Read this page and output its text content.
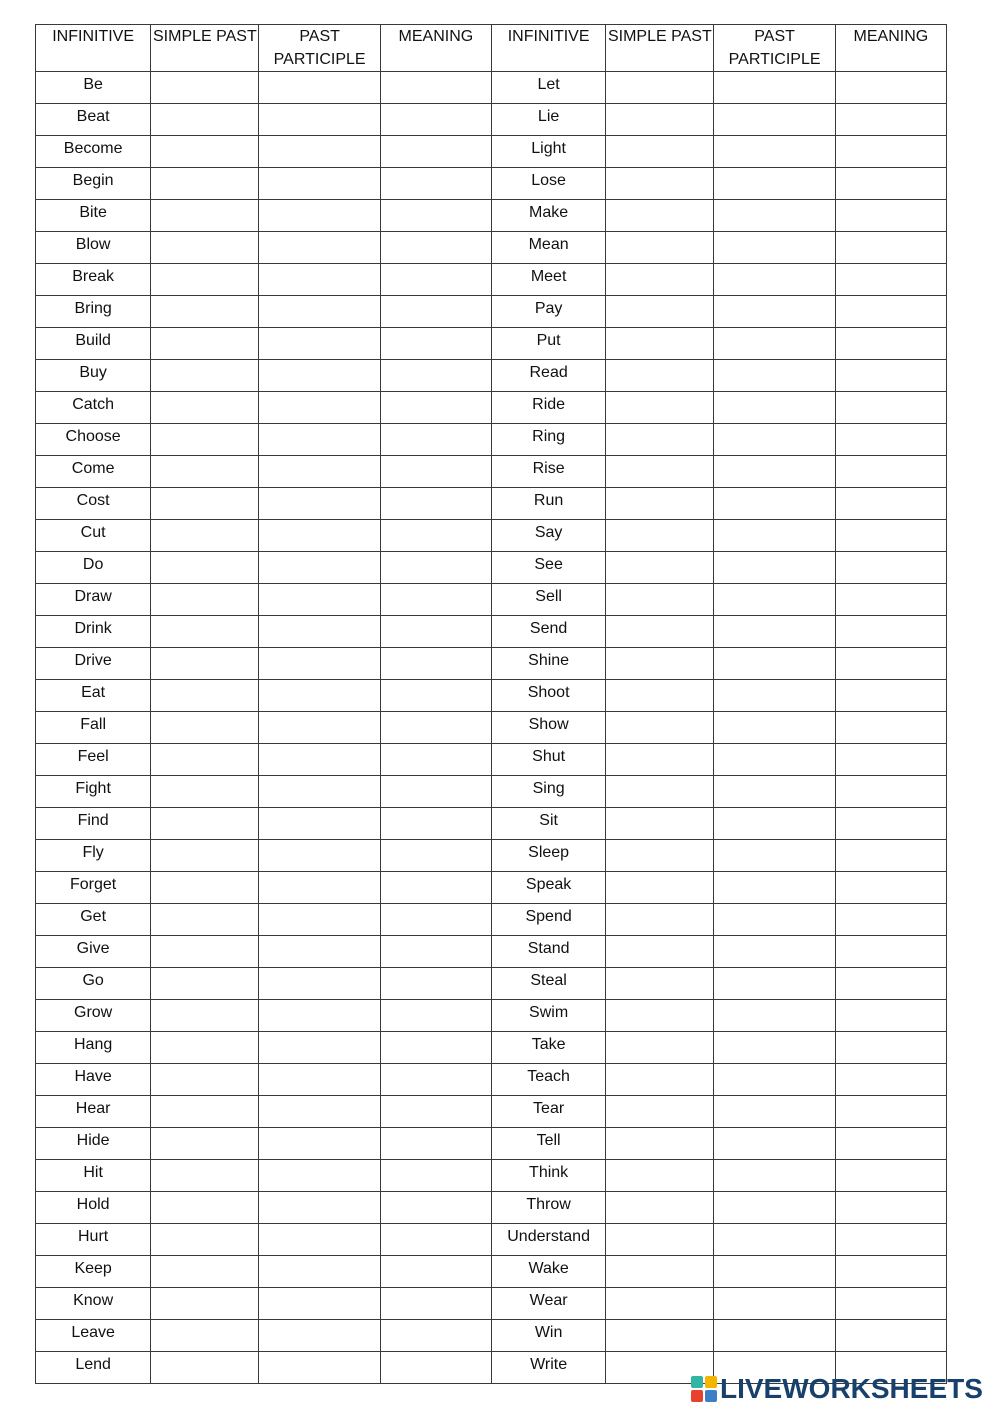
INFINITIVE	SIMPLE PAST	PAST PARTICIPLE	MEANING	INFINITIVE	SIMPLE PAST	PAST PARTICIPLE	MEANING
Be				Let			
Beat				Lie			
Become				Light			
Begin				Lose			
Bite				Make			
Blow				Mean			
Break				Meet			
Bring				Pay			
Build				Put			
Buy				Read			
Catch				Ride			
Choose				Ring			
Come				Rise			
Cost				Run			
Cut				Say			
Do				See			
Draw				Sell			
Drink				Send			
Drive				Shine			
Eat				Shoot			
Fall				Show			
Feel				Shut			
Fight				Sing			
Find				Sit			
Fly				Sleep			
Forget				Speak			
Get				Spend			
Give				Stand			
Go				Steal			
Grow				Swim			
Hang				Take			
Have				Teach			
Hear				Tear			
Hide				Tell			
Hit				Think			
Hold				Throw			
Hurt				Understand			
Keep				Wake			
Know				Wear			
Leave				Win			
Lend				Write			
LIVEWORKSHEETS
